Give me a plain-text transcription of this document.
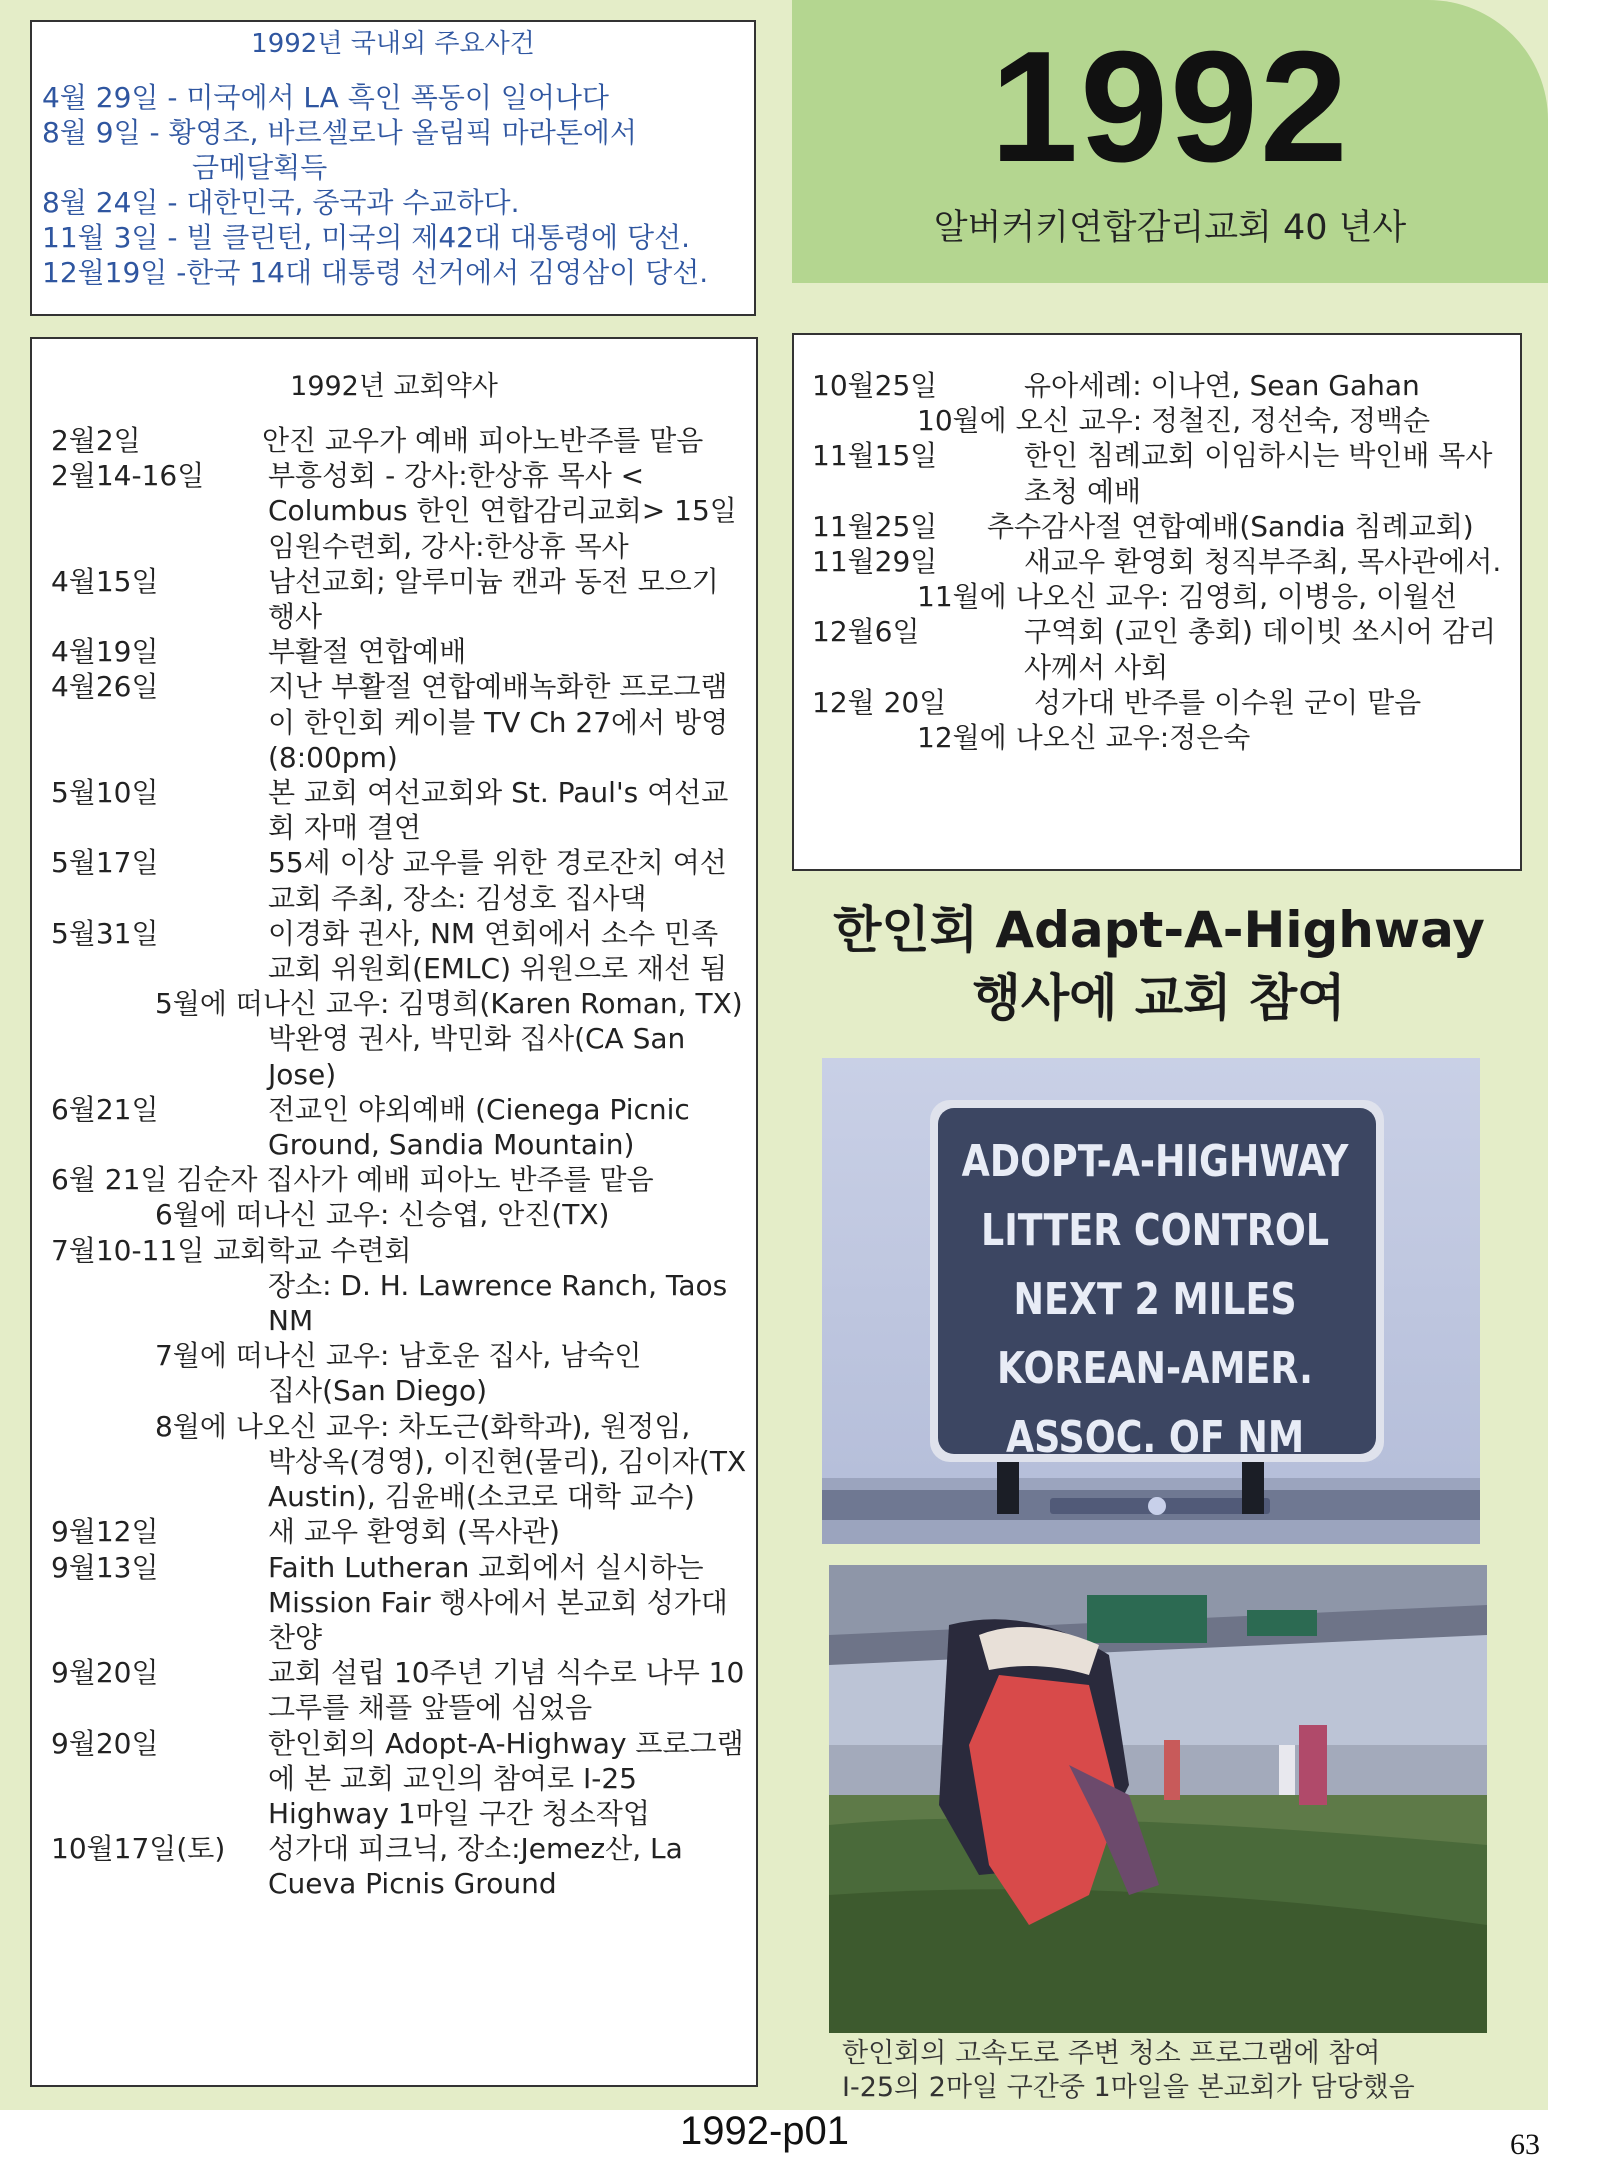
1992
알버커키연합감리교회 40 년사
1992년 국내외 주요사건
4월 29일 - 미국에서 LA 흑인 폭동이 일어나다
8월 9일 - 황영조, 바르셀로나 올림픽 마라톤에서
금메달획득
8월 24일 - 대한민국, 중국과 수교하다.
11월 3일 - 빌 클린턴, 미국의 제42대 대통령에 당선.
12월19일 -한국 14대 대통령 선거에서 김영삼이 당선.
1992년 교회약사
2월2일	안진 교우가 예배 피아노반주를 맡음
2월14-16일	부흥성회 - 강사:한상휴 목사 < Columbus 한인 연합감리교회> 15일 임원수련회, 강사:한상휴 목사
4월15일	남선교회; 알루미늄 캔과 동전 모으기 행사
4월19일	부활절 연합예배
4월26일	지난 부활절 연합예배녹화한 프로그램이 한인회 케이블 TV Ch 27에서 방영(8:00pm)
5월10일	본 교회 여선교회와 St. Paul's 여선교회 자매 결연
5월17일	55세 이상 교우를 위한 경로잔치 여선교회 주최, 장소: 김성호 집사댁
5월31일	이경화 권사, NM 연회에서 소수 민족 교회 위원회(EMLC) 위원으로 재선 됨
5월에 떠나신 교우: 김명희(Karen Roman, TX)
박완영 권사, 박민화 집사(CA San Jose)
6월21일	전교인 야외예배 (Cienega Picnic Ground, Sandia Mountain)
6월 21일 김순자 집사가 예배 피아노 반주를 맡음
6월에 떠나신 교우: 신승엽, 안진(TX)
7월10-11일 교회학교 수련회
장소: D. H. Lawrence Ranch, Taos NM
7월에 떠나신 교우: 남호운 집사, 남숙인
집사(San Diego)
8월에 나오신 교우: 차도근(화학과), 원정임,
박상옥(경영), 이진현(물리), 김이자(TX Austin), 김윤배(소코로 대학 교수)
9월12일	새 교우 환영회 (목사관)
9월13일	Faith Lutheran 교회에서 실시하는 Mission Fair 행사에서 본교회 성가대 찬양
9월20일	교회 설립 10주년 기념 식수로 나무 10그루를 채플 앞뜰에 심었음
9월20일	한인회의 Adopt-A-Highway 프로그램에 본 교회 교인의 참여로 I-25 Highway 1마일 구간 청소작업
10월17일(토)	성가대 피크닉, 장소:Jemez산, La Cueva Picnis Ground
10월25일	유아세례: 이나연, Sean Gahan
10월에 오신 교우: 정철진, 정선숙, 정백순
11월15일	한인 침례교회 이임하시는 박인배 목사 초청 예배
11월25일	추수감사절 연합예배(Sandia 침례교회)
11월29일	새교우 환영회 청직부주최, 목사관에서.
11월에 나오신 교우: 김영희, 이병응, 이월선
12월6일	구역회 (교인 총회) 데이빗 쏘시어 감리사께서 사회
12월 20일	성가대 반주를 이수원 군이 맡음
12월에 나오신 교우:정은숙
한인회 Adapt-A-Highway
행사에 교회 참여
ADOPT-A-HIGHWAY
LITTER CONTROL
NEXT 2 MILES
KOREAN-AMER.
ASSOC. OF NM
한인회의 고속도로 주변 청소 프로그램에 참여
I-25의 2마일 구간중 1마일을 본교회가 담당했음
1992-p01	63
